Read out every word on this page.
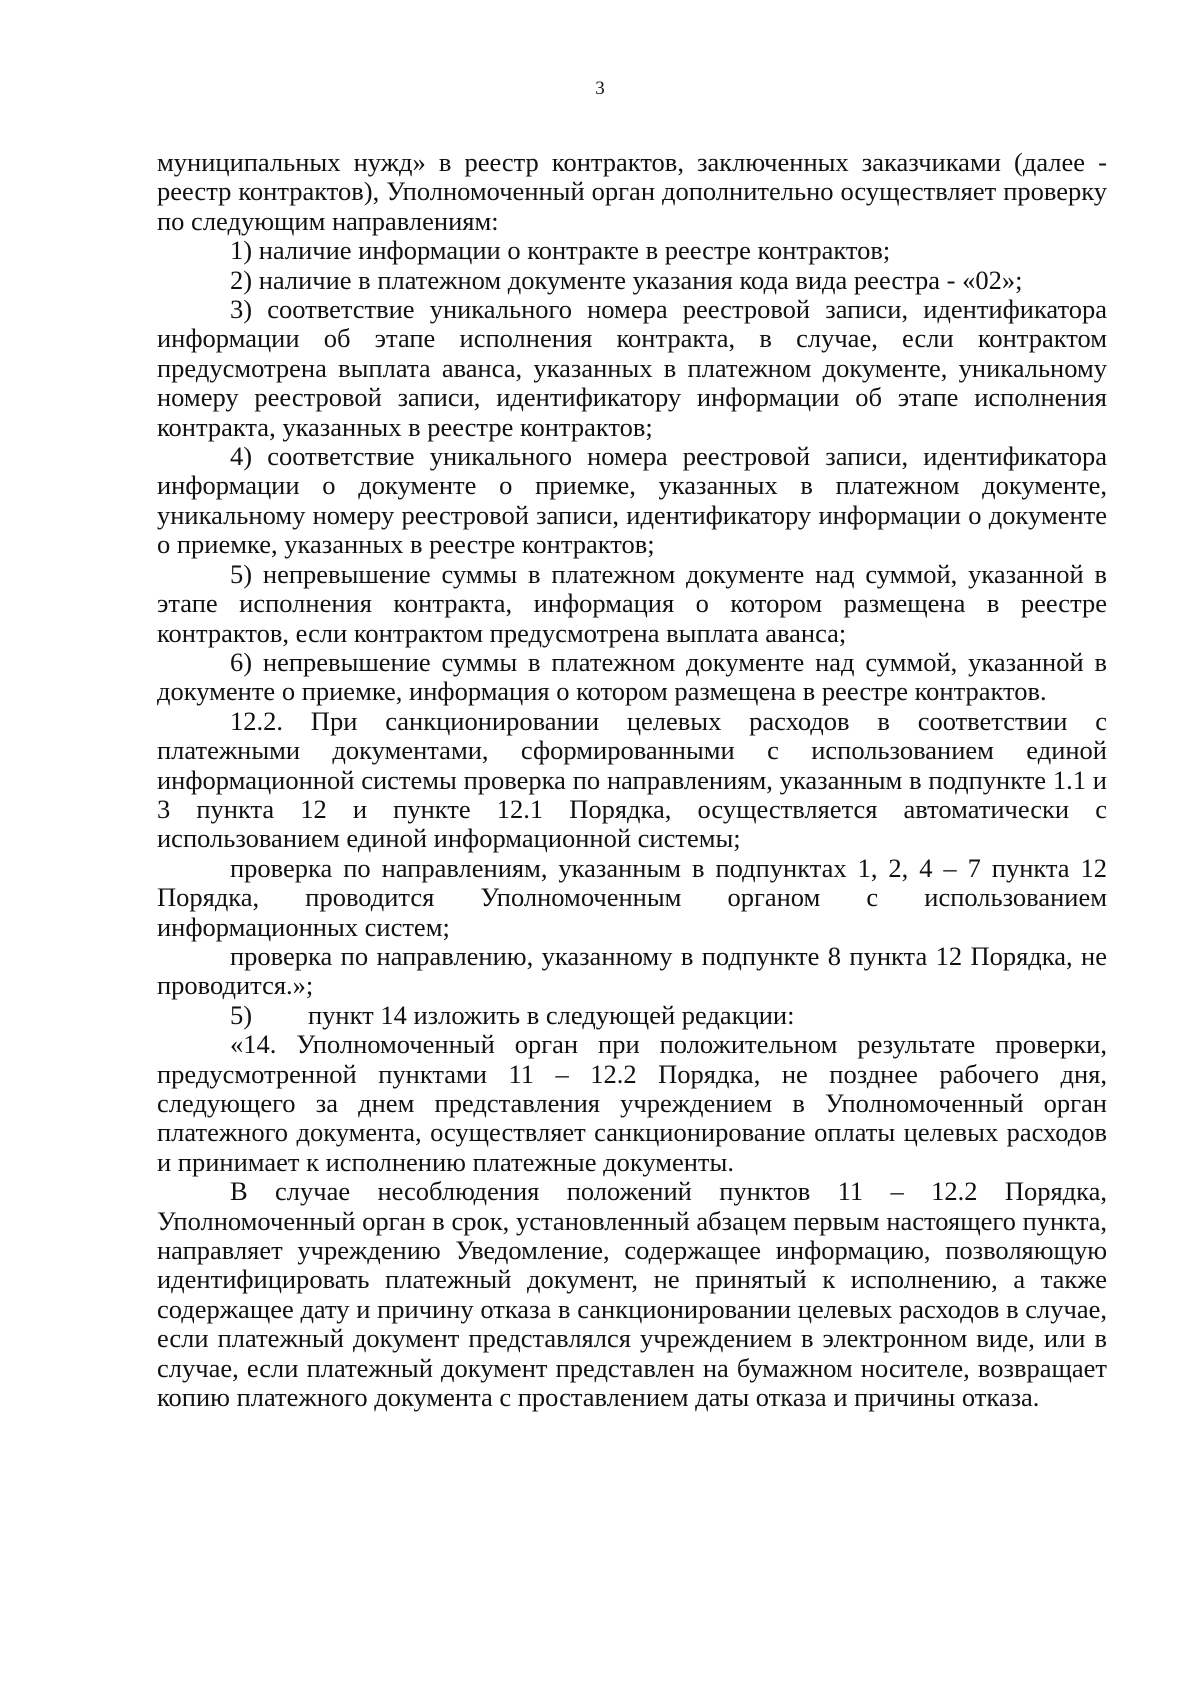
3

муниципальных нужд» в реестр контрактов, заключенных заказчиками (далее - реестр контрактов), Уполномоченный орган дополнительно осуществляет проверку по следующим направлениям:

1) наличие информации о контракте в реестре контрактов;

2) наличие в платежном документе указания кода вида реестра - «02»;

3) соответствие уникального номера реестровой записи, идентификатора информации об этапе исполнения контракта, в случае, если контрактом предусмотрена выплата аванса, указанных в платежном документе, уникальному номеру реестровой записи, идентификатору информации об этапе исполнения контракта, указанных в реестре контрактов;

4) соответствие уникального номера реестровой записи, идентификатора информации о документе о приемке, указанных в платежном документе, уникальному номеру реестровой записи, идентификатору информации о документе о приемке, указанных в реестре контрактов;

5) непревышение суммы в платежном документе над суммой, указанной в этапе исполнения контракта, информация о котором размещена в реестре контрактов, если контрактом предусмотрена выплата аванса;

6) непревышение суммы в платежном документе над суммой, указанной в документе о приемке, информация о котором размещена в реестре контрактов.

12.2. При санкционировании целевых расходов в соответствии с платежными документами, сформированными с использованием единой информационной системы проверка по направлениям, указанным в подпункте 1.1 и 3 пункта 12 и пункте 12.1 Порядка, осуществляется автоматически с использованием единой информационной системы;

проверка по направлениям, указанным в подпунктах 1, 2, 4 – 7 пункта 12 Порядка, проводится Уполномоченным органом с использованием информационных систем;

проверка по направлению, указанному в подпункте 8 пункта 12 Порядка, не проводится.»;

5) пункт 14 изложить в следующей редакции:

«14. Уполномоченный орган при положительном результате проверки, предусмотренной пунктами 11 – 12.2 Порядка, не позднее рабочего дня, следующего за днем представления учреждением в Уполномоченный орган платежного документа, осуществляет санкционирование оплаты целевых расходов и принимает к исполнению платежные документы.

В случае несоблюдения положений пунктов 11 – 12.2 Порядка, Уполномоченный орган в срок, установленный абзацем первым настоящего пункта, направляет учреждению Уведомление, содержащее информацию, позволяющую идентифицировать платежный документ, не принятый к исполнению, а также содержащее дату и причину отказа в санкционировании целевых расходов в случае, если платежный документ представлялся учреждением в электронном виде, или в случае, если платежный документ представлен на бумажном носителе, возвращает копию платежного документа с проставлением даты отказа и причины отказа.
